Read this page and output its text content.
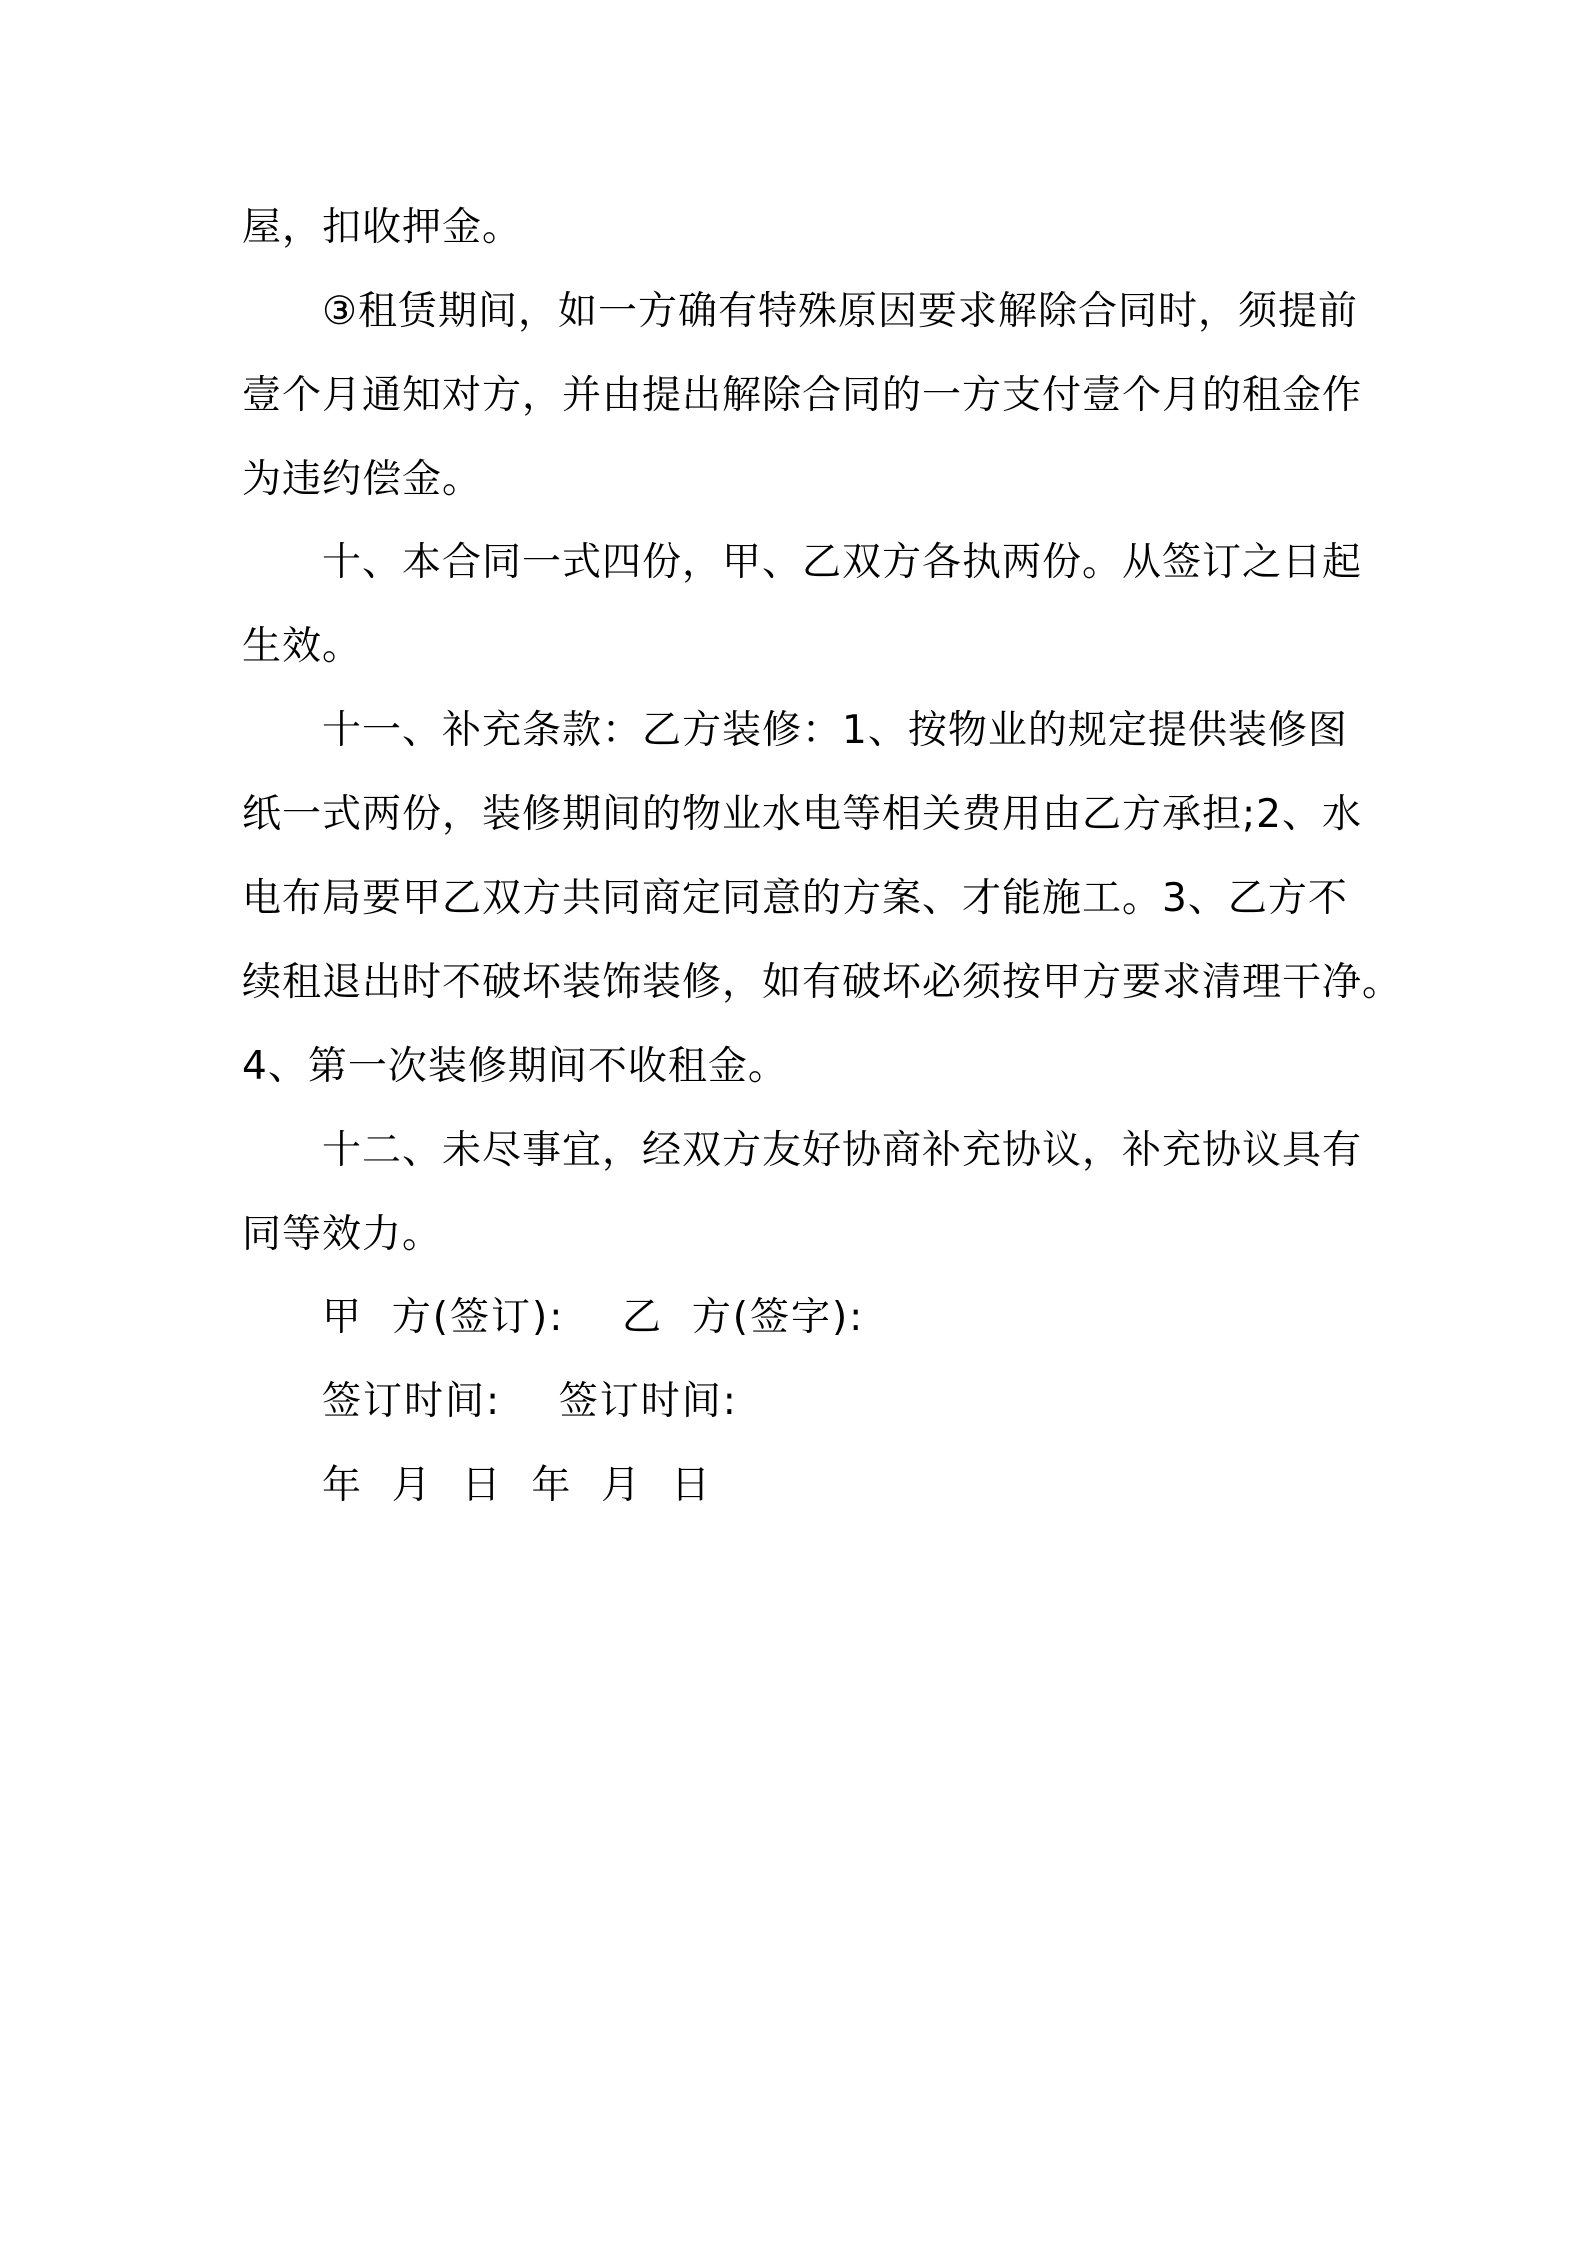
屋，扣收押金。
③租赁期间，如一方确有特殊原因要求解除合同时，须提前
壹个月通知对方，并由提出解除合同的一方支付壹个月的租金作
为违约偿金。
十、本合同一式四份，甲、乙双方各执两份。从签订之日起
生效。
十一、补充条款：乙方装修：1、按物业的规定提供装修图
纸一式两份，装修期间的物业水电等相关费用由乙方承担;2、水
电布局要甲乙双方共同商定同意的方案、才能施工。3、乙方不
续租退出时不破坏装饰装修，如有破坏必须按甲方要求清理干净。
4、第一次装修期间不收租金。
十二、未尽事宜，经双方友好协商补充协议，补充协议具有
同等效力。
甲  方(签订):    乙  方(签字):
签订时间:    签订时间:
年  月  日  年  月  日
